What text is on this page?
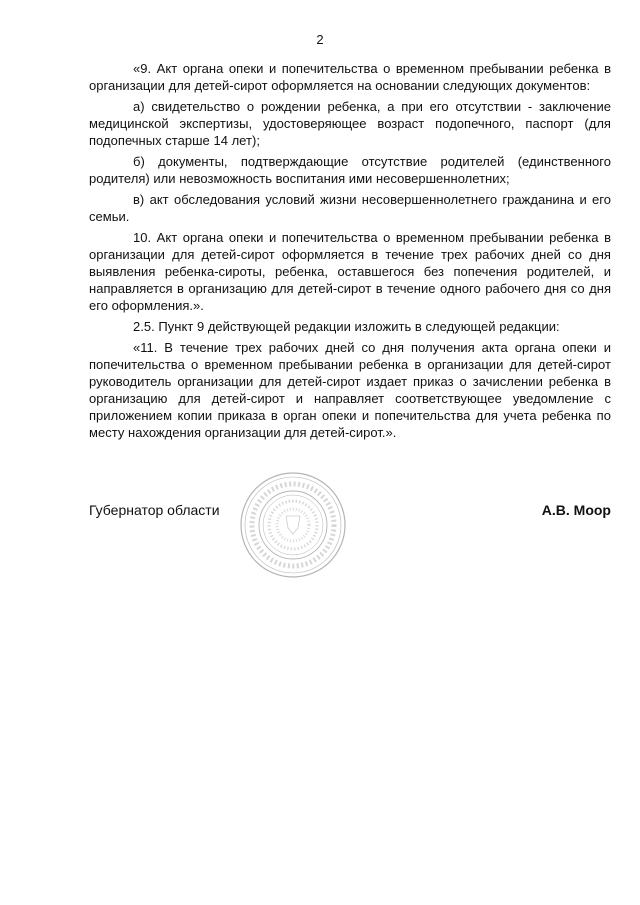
2

«9. Акт органа опеки и попечительства о временном пребывании ребенка в организации для детей-сирот оформляется на основании следующих документов:

а) свидетельство о рождении ребенка, а при его отсутствии - заключение медицинской экспертизы, удостоверяющее возраст подопечного, паспорт (для подопечных старше 14 лет);

б) документы, подтверждающие отсутствие родителей (единственного родителя) или невозможность воспитания ими несовершеннолетних;

в) акт обследования условий жизни несовершеннолетнего гражданина и его семьи.

10. Акт органа опеки и попечительства о временном пребывании ребенка в организации для детей-сирот оформляется в течение трех рабочих дней со дня выявления ребенка-сироты, ребенка, оставшегося без попечения родителей, и направляется в организацию для детей-сирот в течение одного рабочего дня со дня его оформления.».

2.5. Пункт 9 действующей редакции изложить в следующей редакции:

«11. В течение трех рабочих дней со дня получения акта органа опеки и попечительства о временном пребывании ребенка в организации для детей-сирот руководитель организации для детей-сирот издает приказ о зачислении ребенка в организацию для детей-сирот и направляет соответствующее уведомление с приложением копии приказа в орган опеки и попечительства для учета ребенка по месту нахождения организации для детей-сирот.».

Губернатор области	А.В. Моор
